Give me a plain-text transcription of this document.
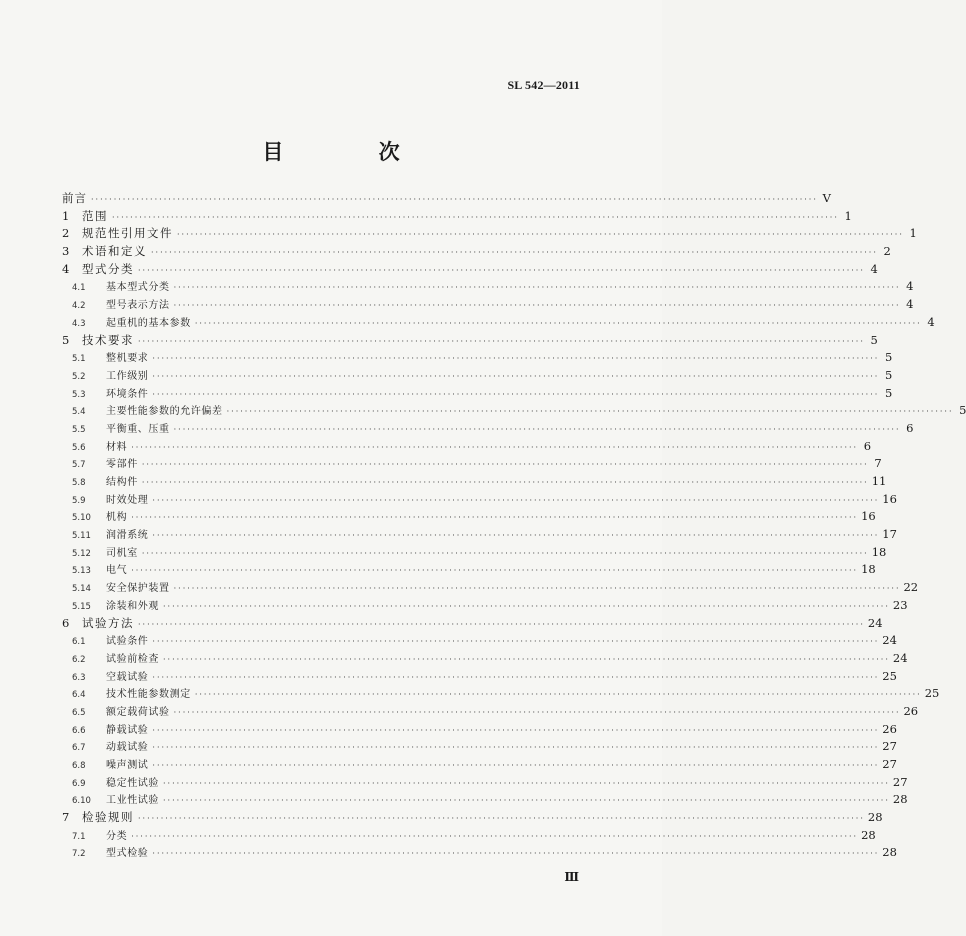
SL 542—2011
目 次
前言 ································································································································································ V
1	范围 ································································································································································ 1
2	规范性引用文件 ································································································································································ 1
3	术语和定义 ································································································································································ 2
4	型式分类 ································································································································································ 4
4.1	基本型式分类 ································································································································································ 4
4.2	型号表示方法 ································································································································································ 4
4.3	起重机的基本参数 ································································································································································ 4
5	技术要求 ································································································································································ 5
5.1	整机要求 ································································································································································ 5
5.2	工作级别 ································································································································································ 5
5.3	环境条件 ································································································································································ 5
5.4	主要性能参数的允许偏差 ································································································································································ 5
5.5	平衡重、压重 ································································································································································ 6
5.6	材料 ································································································································································ 6
5.7	零部件 ································································································································································ 7
5.8	结构件 ································································································································································ 11
5.9	时效处理 ································································································································································ 16
5.10	机构 ································································································································································ 16
5.11	润滑系统 ································································································································································ 17
5.12	司机室 ································································································································································ 18
5.13	电气 ································································································································································ 18
5.14	安全保护装置 ································································································································································ 22
5.15	涂装和外观 ································································································································································ 23
6	试验方法 ································································································································································ 24
6.1	试验条件 ································································································································································ 24
6.2	试验前检查 ································································································································································ 24
6.3	空载试验 ································································································································································ 25
6.4	技术性能参数测定 ································································································································································ 25
6.5	额定载荷试验 ································································································································································ 26
6.6	静载试验 ································································································································································ 26
6.7	动载试验 ································································································································································ 27
6.8	噪声测试 ································································································································································ 27
6.9	稳定性试验 ································································································································································ 27
6.10	工业性试验 ································································································································································ 28
7	检验规则 ································································································································································ 28
7.1	分类 ································································································································································ 28
7.2	型式检验 ································································································································································ 28
Ⅲ
